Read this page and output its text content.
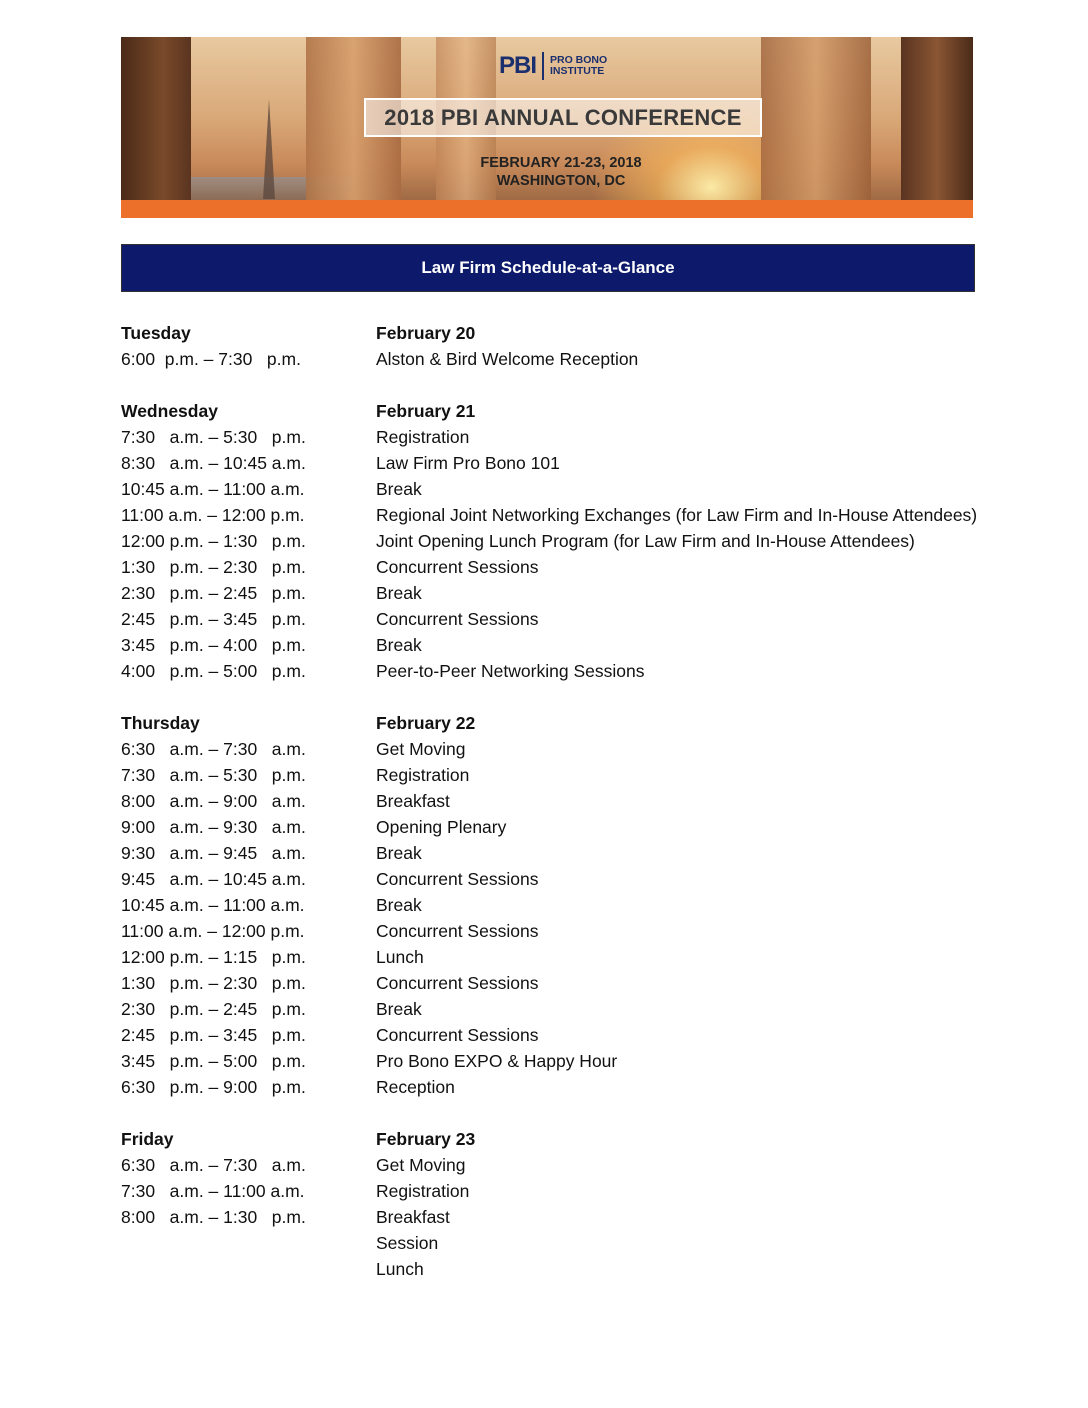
PBI	PRO BONO
INSTITUTE
2018 PBI ANNUAL CONFERENCE
FEBRUARY 21-23, 2018
WASHINGTON, DC
Law Firm Schedule-at-a-Glance
Tuesday	February 20
6:00  p.m. – 7:30   p.m.	Alston & Bird Welcome Reception
Wednesday	February 21
7:30   a.m. – 5:30   p.m.	Registration
8:30   a.m. – 10:45 a.m.	Law Firm Pro Bono 101
10:45 a.m. – 11:00 a.m.	Break
11:00 a.m. – 12:00 p.m.	Regional Joint Networking Exchanges (for Law Firm and In-House Attendees)
12:00 p.m. – 1:30   p.m.	Joint Opening Lunch Program (for Law Firm and In-House Attendees)
1:30   p.m. – 2:30   p.m.	Concurrent Sessions
2:30   p.m. – 2:45   p.m.	Break
2:45   p.m. – 3:45   p.m.	Concurrent Sessions
3:45   p.m. – 4:00   p.m.	Break
4:00   p.m. – 5:00   p.m.	Peer-to-Peer Networking Sessions
Thursday	February 22
6:30   a.m. – 7:30   a.m.	Get Moving
7:30   a.m. – 5:30   p.m.	Registration
8:00   a.m. – 9:00   a.m.	Breakfast
9:00   a.m. – 9:30   a.m.	Opening Plenary
9:30   a.m. – 9:45   a.m.	Break
9:45   a.m. – 10:45 a.m.	Concurrent Sessions
10:45 a.m. – 11:00 a.m.	Break
11:00 a.m. – 12:00 p.m.	Concurrent Sessions
12:00 p.m. – 1:15   p.m.	Lunch
1:30   p.m. – 2:30   p.m.	Concurrent Sessions
2:30   p.m. – 2:45   p.m.	Break
2:45   p.m. – 3:45   p.m.	Concurrent Sessions
3:45   p.m. – 5:00   p.m.	Pro Bono EXPO & Happy Hour
6:30   p.m. – 9:00   p.m.	Reception
Friday	February 23
6:30   a.m. – 7:30   a.m.	Get Moving
7:30   a.m. – 11:00 a.m.	Registration
8:00   a.m. – 1:30   p.m.	Breakfast
Session
Lunch
